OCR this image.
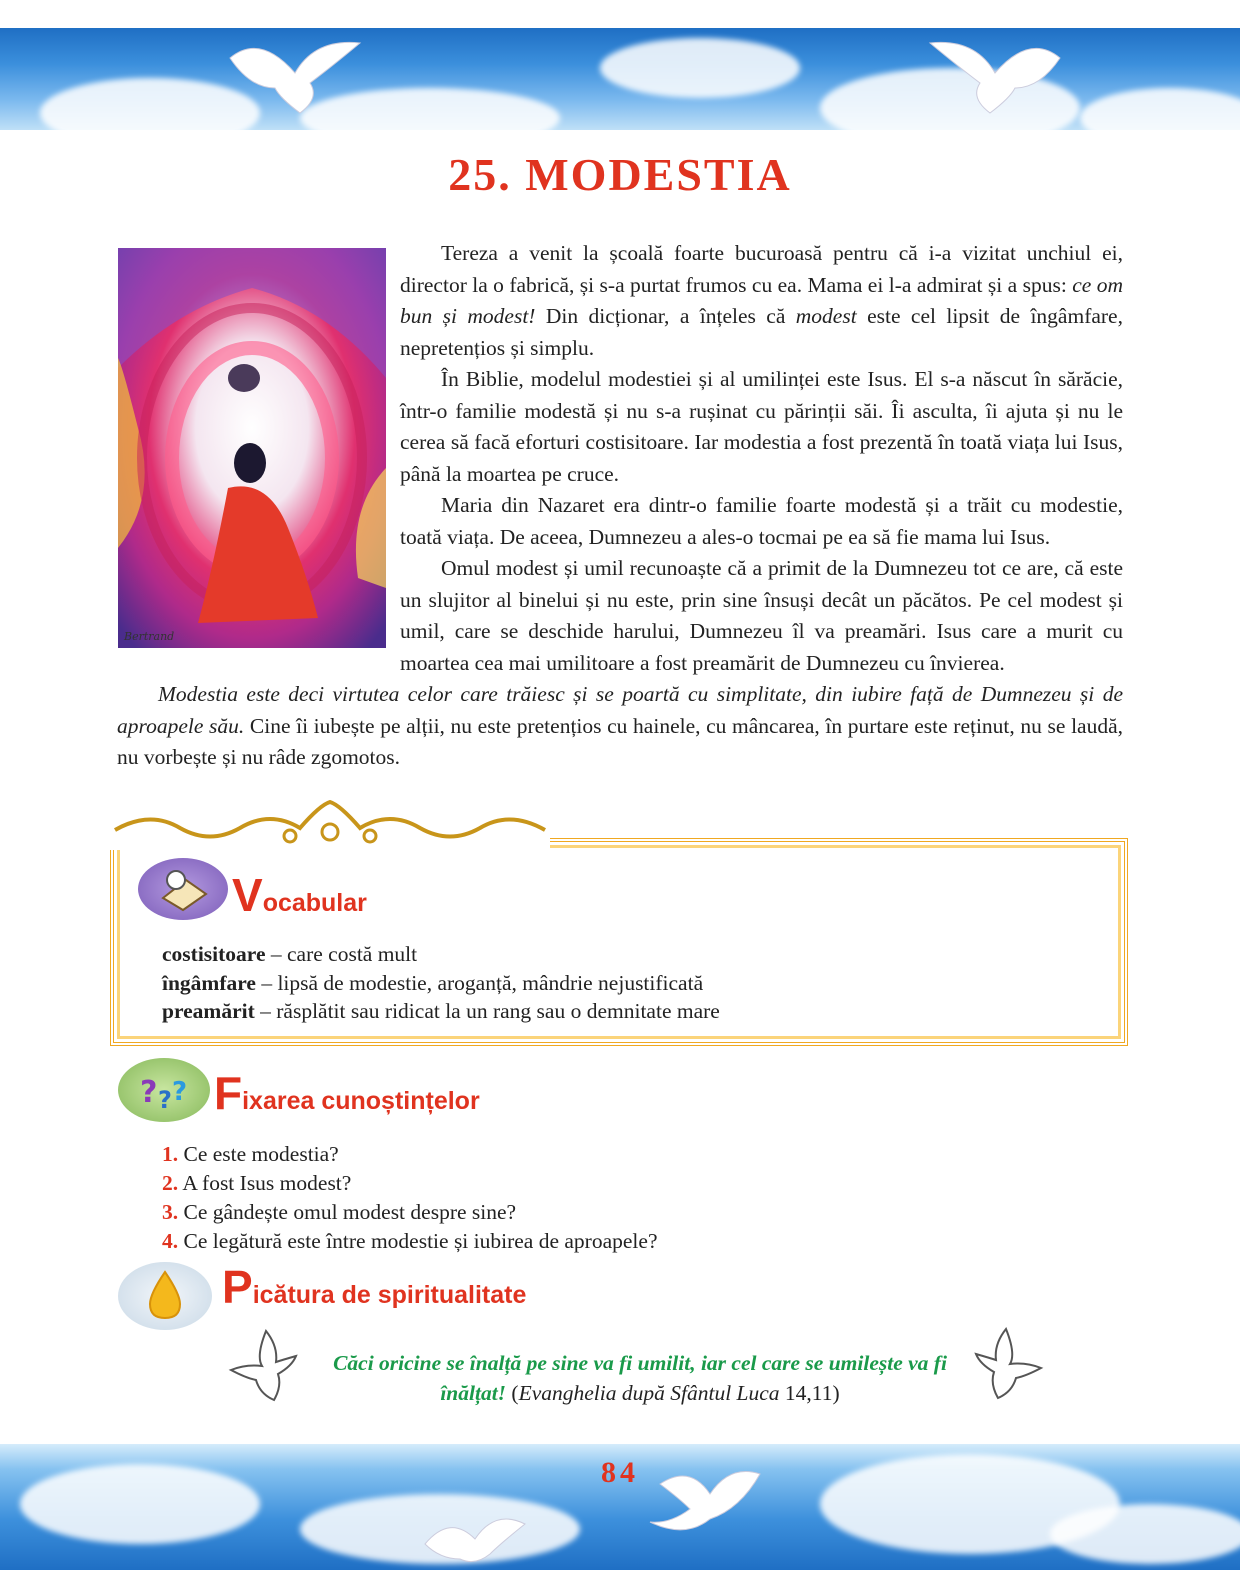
25. MODESTIA
Bertrand

Tereza a venit la școală foarte bucuroasă pentru că i-a vizitat unchiul ei, director la o fabrică, și s-a purtat frumos cu ea. Mama ei l-a admirat și a spus: ce om bun și modest! Din dicționar, a înțeles că modest este cel lipsit de îngâmfare, nepretențios și simplu.

În Biblie, modelul modestiei și al umilinței este Isus. El s-a născut în sărăcie, într-o familie modestă și nu s-a rușinat cu părinții săi. Îi asculta, îi ajuta și nu le cerea să facă eforturi costisitoare. Iar modestia a fost prezentă în toată viața lui Isus, până la moartea pe cruce.

Maria din Nazaret era dintr-o familie foarte modestă și a trăit cu modestie, toată viața. De aceea, Dumnezeu a ales-o tocmai pe ea să fie mama lui Isus.

Omul modest și umil recunoaște că a primit de la Dumnezeu tot ce are, că este un slujitor al binelui și nu este, prin sine însuși decât un păcătos. Pe cel modest și umil, care se deschide harului, Dumnezeu îl va preamări. Isus care a murit cu moartea cea mai umilitoare a fost preamărit de Dumnezeu cu învierea.

Modestia este deci virtutea celor care trăiesc și se poartă cu simplitate, din iubire față de Dumnezeu și de aproapele său. Cine îi iubește pe alții, nu este pretențios cu hainele, cu mâncarea, în purtare este reținut, nu se laudă, nu vorbește și nu râde zgomotos.

Vocabular
costisitoare – care costă mult
îngâmfare – lipsă de modestie, aroganță, mândrie nejustificată
preamărit – răsplătit sau ridicat la un rang sau o demnitate mare
? ? ? Fixarea cunoștințelor
1. Ce este modestia?
2. A fost Isus modest?
3. Ce gândește omul modest despre sine?
4. Ce legătură este între modestie și iubirea de aproapele?
Picătura de spiritualitate
Căci oricine se înalță pe sine va fi umilit, iar cel care se umilește va fi înălțat! (Evanghelia după Sfântul Luca 14,11)
84
